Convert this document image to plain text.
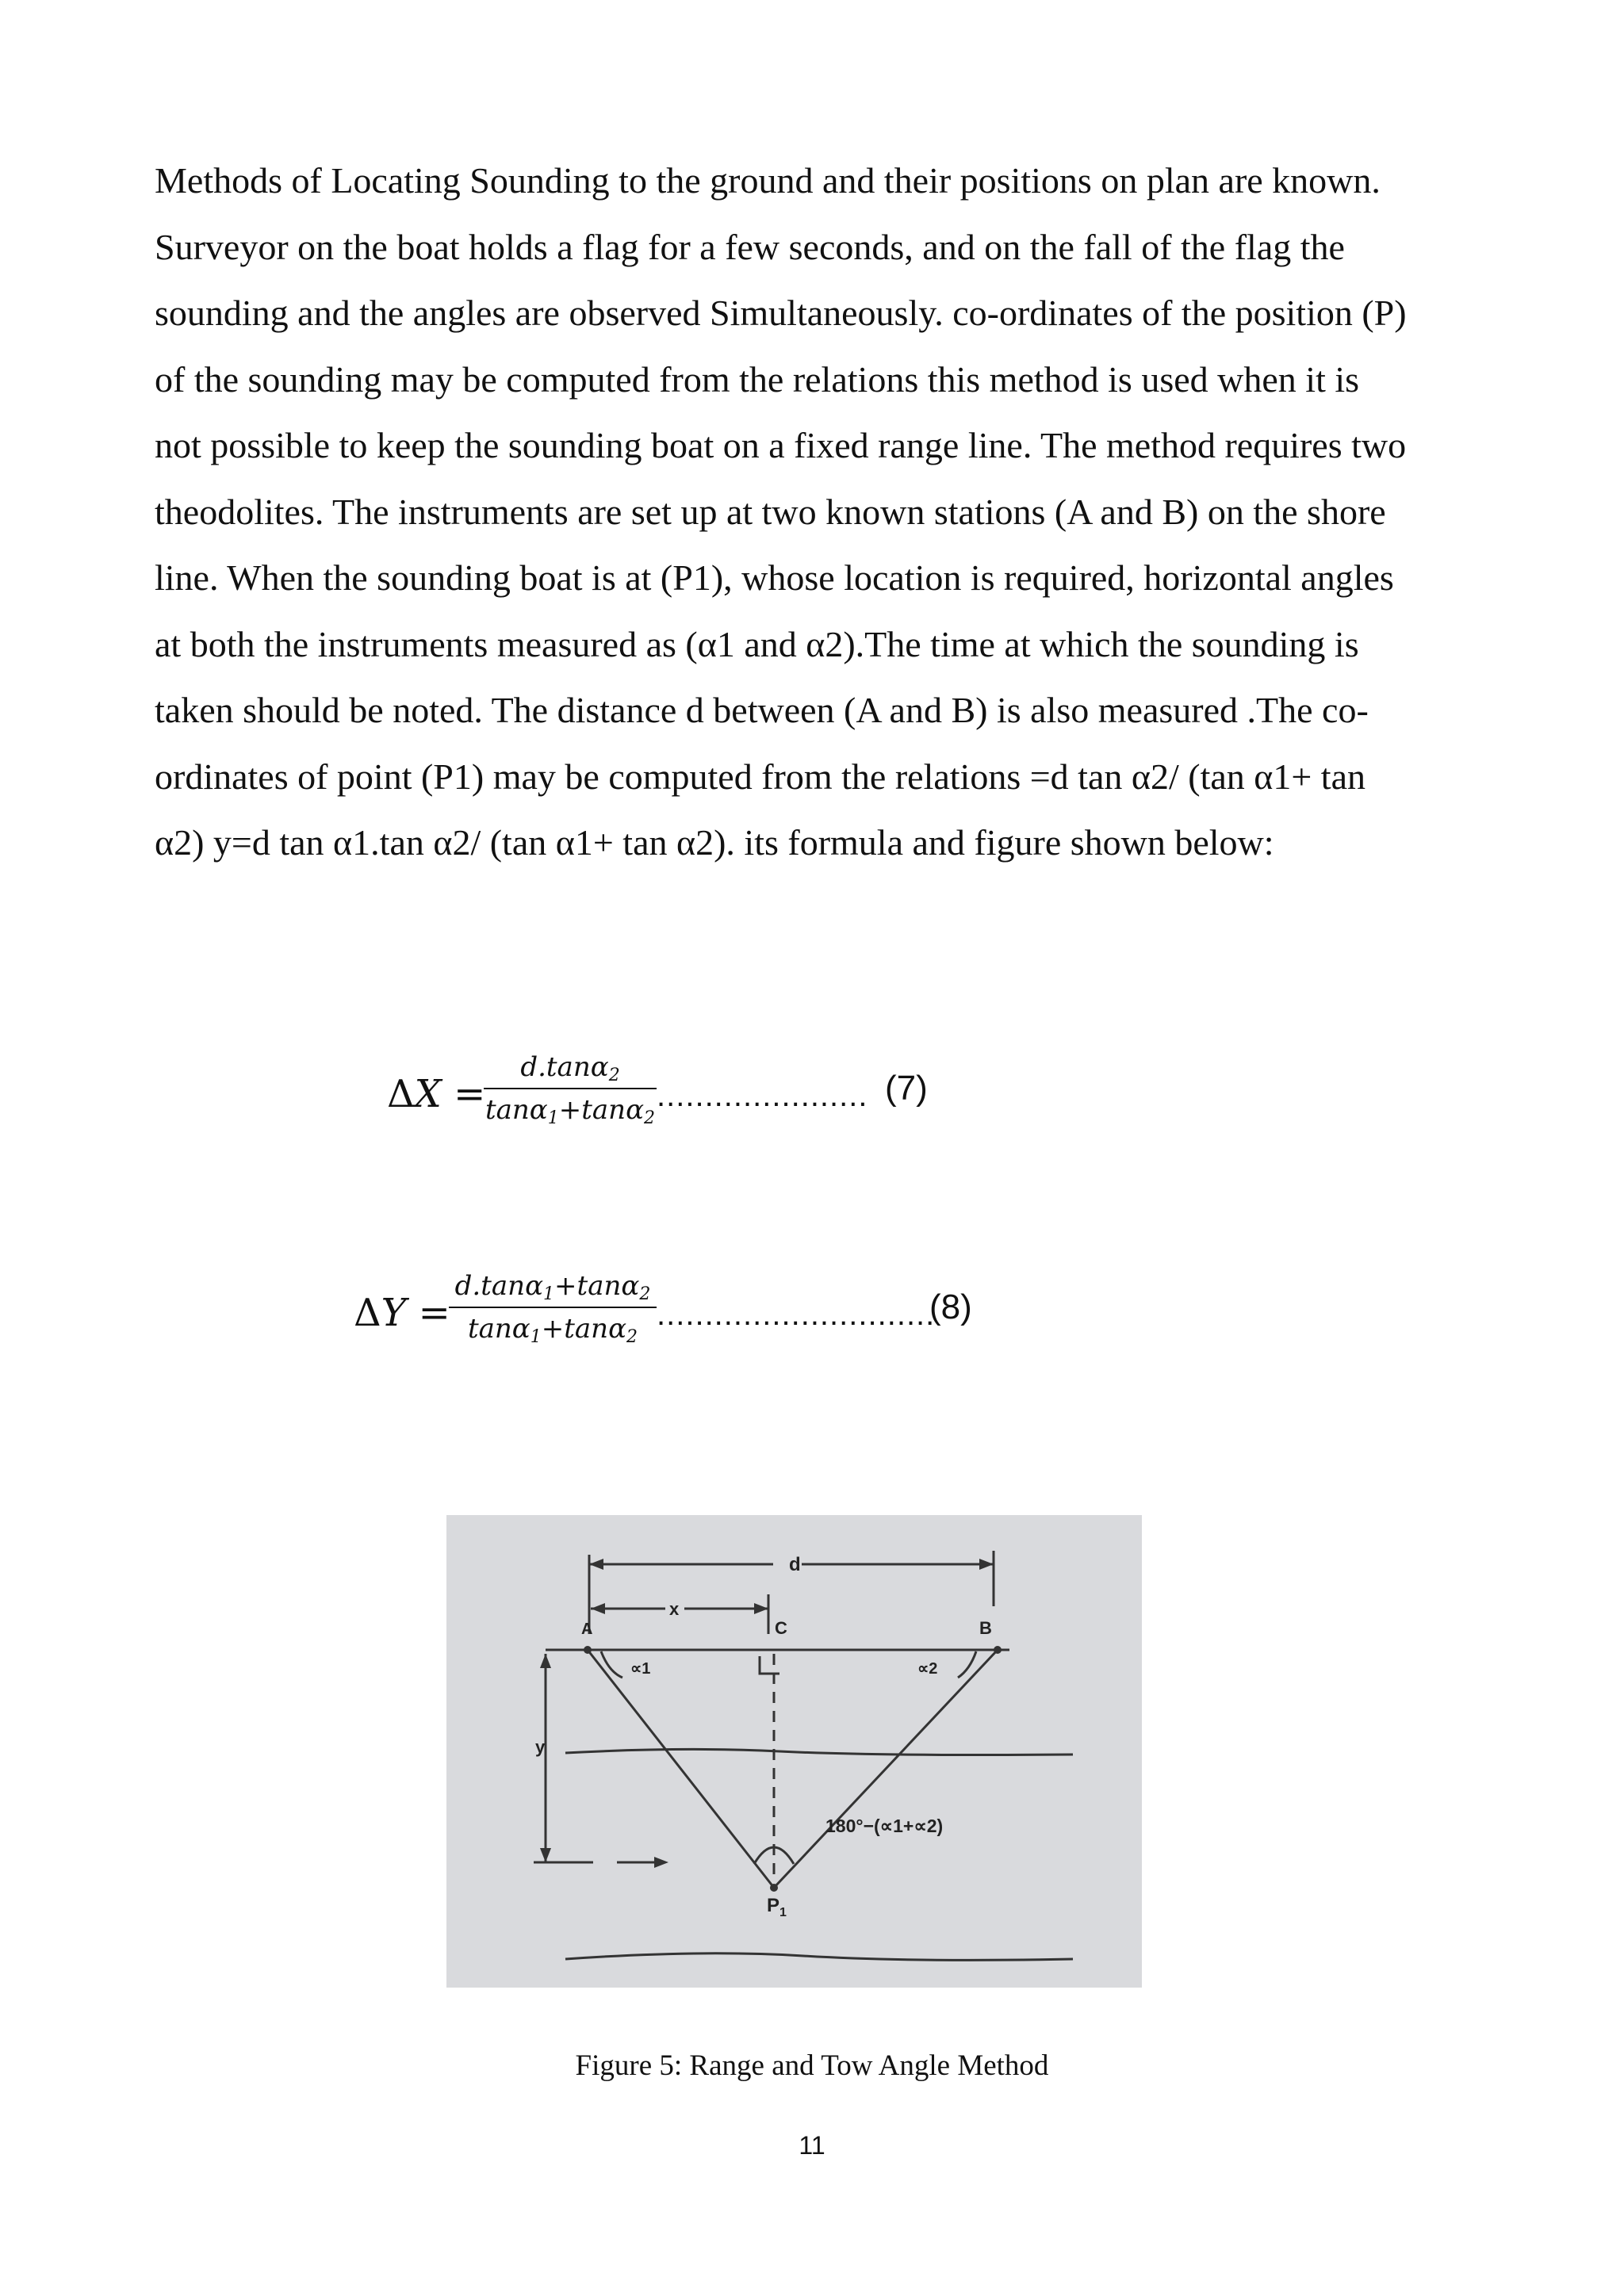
Methods of Locating Sounding to the ground and their positions on plan are known.
Surveyor on the boat holds a flag for a few seconds, and on the fall of the flag the
sounding and the angles are observed Simultaneously. co-ordinates of the position (P)
of the sounding may be computed from the relations this method is used when it is
not possible to keep the sounding boat on a fixed range line. The method requires two
theodolites. The instruments are set up at two known stations (A and B) on the shore
line. When the sounding boat is at (P1), whose location is required, horizontal angles
at both the instruments measured as (α1 and α2).The time at which the sounding is
taken should be noted. The distance d between (A and B) is also measured .The co-
ordinates of point (P1) may be computed from the relations =d tan α2/ (tan α1+ tan
α2) y=d tan α1.tan α2/ (tan α1+ tan α2). its formula and figure shown below:
ΔX =
d.tanα$_2$
tanα$_1$+tanα$_2$
...................... (7)
ΔY =
d.tanα$_1$+tanα$_2$
tanα$_1$+tanα$_2$
.............................
(8)
d
x
A	C	B
∝1	∝2
y
180°−(∝1+∝2)
$P_1$
Figure 5: Range and Tow Angle Method
11
